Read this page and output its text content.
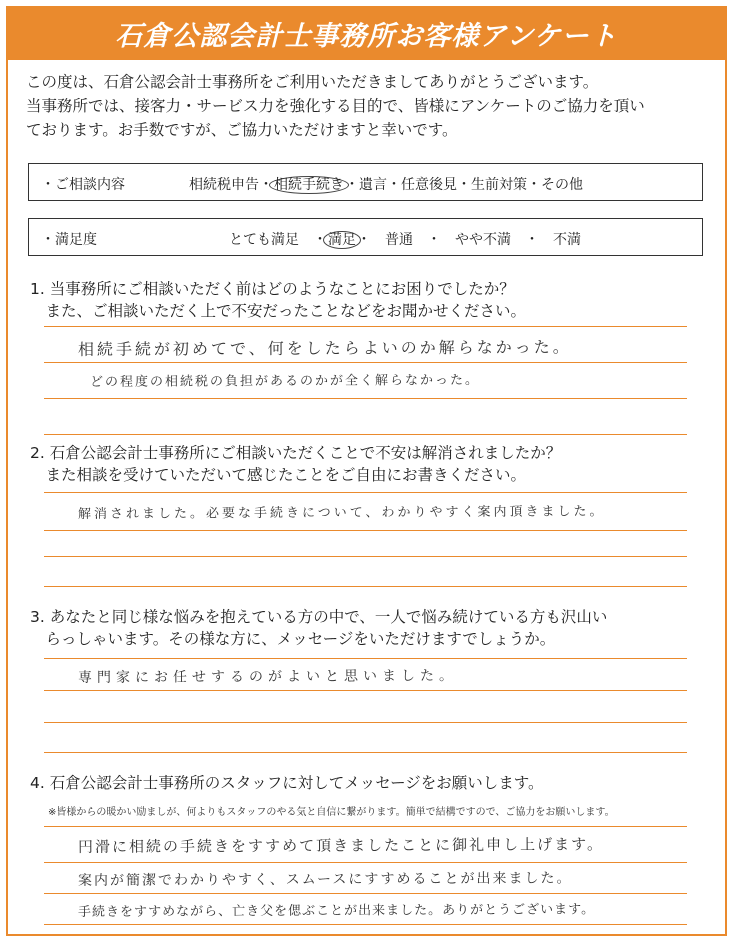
石倉公認会計士事務所お客様アンケート
この度は、石倉公認会計士事務所をご利用いただきましてありがとうございます。
当事務所では、接客力・サービス力を強化する目的で、皆様にアンケートのご協力を頂い
ております。お手数ですが、ご協力いただけますと幸いです。
・ご相談内容	相続税申告・相続手続き・遺言・任意後見・生前対策・その他
・満足度	とても満足　・満足・　普通　・　やや不満　・　不満
1. 当事務所にご相談いただく前はどのようなことにお困りでしたか？
　また、ご相談いただく上で不安だったことなどをお聞かせください。
相続手続が初めてで、何をしたらよいのか解らなかった。
どの程度の相続税の負担があるのかが全く解らなかった。
2. 石倉公認会計士事務所にご相談いただくことで不安は解消されましたか？
　また相談を受けていただいて感じたことをご自由にお書きください。
解消されました。必要な手続きについて、わかりやすく案内頂きました。
3. あなたと同じ様な悩みを抱えている方の中で、一人で悩み続けている方も沢山い
　らっしゃいます。その様な方に、メッセージをいただけますでしょうか。
専門家にお任せするのがよいと思いました。
4. 石倉公認会計士事務所のスタッフに対してメッセージをお願いします。
※皆様からの暖かい励ましが、何よりもスタッフのやる気と自信に繋がります。簡単で結構ですので、ご協力をお願いします。
円滑に相続の手続きをすすめて頂きましたことに御礼申し上げます。
案内が簡潔でわかりやすく、スムースにすすめることが出来ました。
手続きをすすめながら、亡き父を偲ぶことが出来ました。ありがとうございます。
